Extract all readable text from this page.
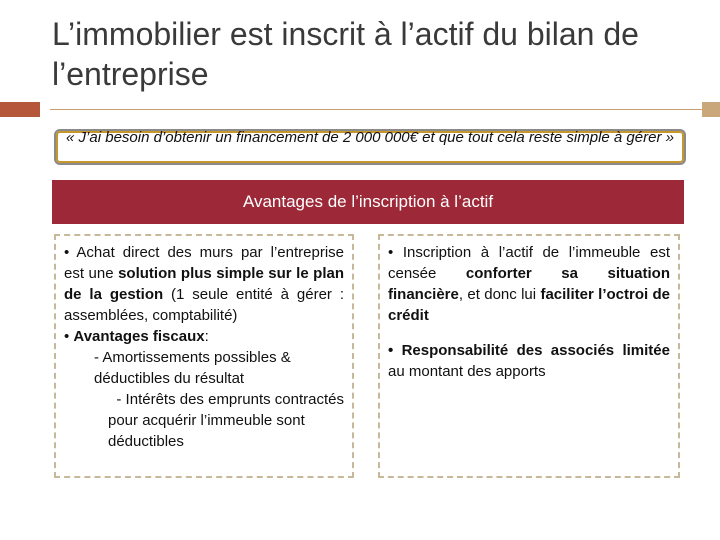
L’immobilier est inscrit à l’actif du bilan de l’entreprise
« J’ai besoin d’obtenir un financement de 2 000 000€ et que tout cela reste simple à gérer »
Avantages de l’inscription à l’actif

• Achat direct des murs par l’entreprise est une solution plus simple sur le plan de la gestion (1 seule entité à gérer : assemblées, comptabilité)

• Avantages fiscaux:

- Amortissements possibles & déductibles du résultat

- Intérêts des emprunts contractés

pour acquérir l’immeuble sont déductibles

• Inscription à l’actif de l’immeuble est censée conforter sa situation financière, et donc lui faciliter l’octroi de crédit

• Responsabilité des associés limitée au montant des apports
